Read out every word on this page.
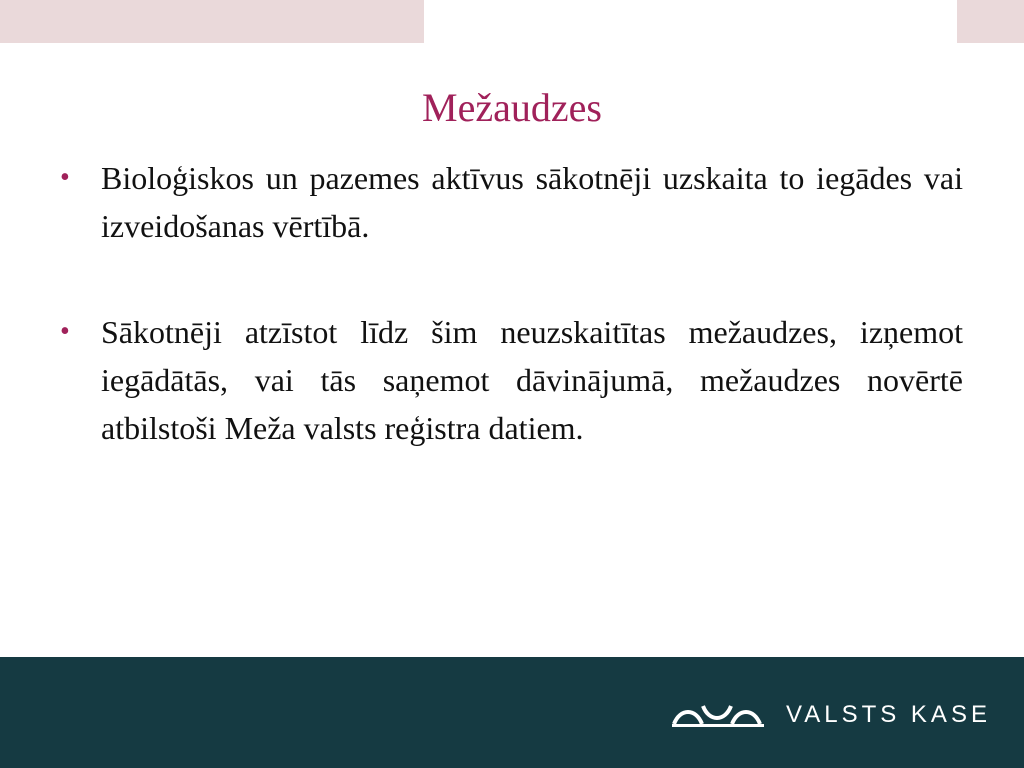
Mežaudzes
• Bioloģiskos un pazemes aktīvus sākotnēji uzskaita to iegādes vai izveidošanas vērtībā.
• Sākotnēji atzīstot līdz šim neuzskaitītas mežaudzes, izņemot iegādātās, vai tās saņemot dāvinājumā, mežaudzes novērtē atbilstoši Meža valsts reģistra datiem.
VALSTS KASE
